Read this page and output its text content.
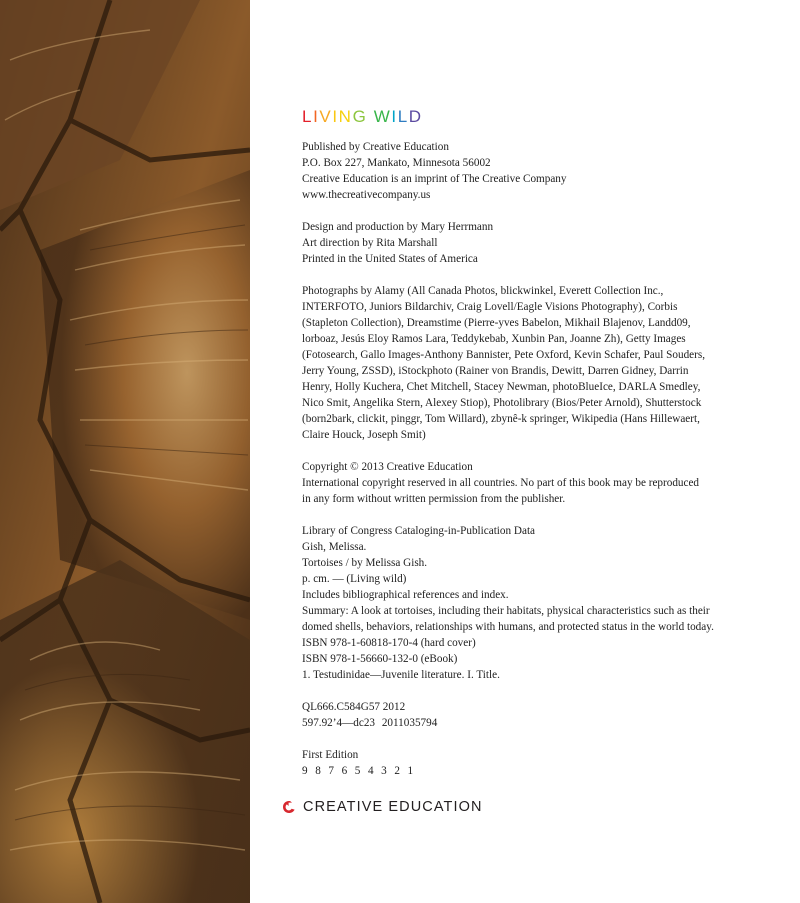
LIVING WILD
Published by Creative Education
P.O. Box 227, Mankato, Minnesota 56002
Creative Education is an imprint of The Creative Company
www.thecreativecompany.us
Design and production by Mary Herrmann
Art direction by Rita Marshall
Printed in the United States of America
Photographs by Alamy (All Canada Photos, blickwinkel, Everett Collection Inc.,
INTERFOTO, Juniors Bildarchiv, Craig Lovell/Eagle Visions Photography), Corbis
(Stapleton Collection), Dreamstime (Pierre-yves Babelon, Mikhail Blajenov, Landd09,
lorboaz, Jesús Eloy Ramos Lara, Teddykebab, Xunbin Pan, Joanne Zh), Getty Images
(Fotosearch, Gallo Images-Anthony Bannister, Pete Oxford, Kevin Schafer, Paul Souders,
Jerry Young, ZSSD), iStockphoto (Rainer von Brandis, Dewitt, Darren Gidney, Darrin
Henry, Holly Kuchera, Chet Mitchell, Stacey Newman, photoBlueIce, DARLA Smedley,
Nico Smit, Angelika Stern, Alexey Stiop), Photolibrary (Bios/Peter Arnold), Shutterstock
(born2bark, clickit, pinggr, Tom Willard), zbynê-k springer, Wikipedia (Hans Hillewaert,
Claire Houck, Joseph Smit)
Copyright © 2013 Creative Education
International copyright reserved in all countries. No part of this book may be reproduced
in any form without written permission from the publisher.
Library of Congress Cataloging-in-Publication Data
Gish, Melissa.
Tortoises / by Melissa Gish.
p. cm. — (Living wild)
Includes bibliographical references and index.
Summary: A look at tortoises, including their habitats, physical characteristics such as their
domed shells, behaviors, relationships with humans, and protected status in the world today.
ISBN 978-1-60818-170-4 (hard cover)
ISBN 978-1-56660-132-0 (eBook)
1. Testudinidae—Juvenile literature. I. Title.
QL666.C584G57 2012
597.92’4—dc23 2011035794
First Edition
9 8 7 6 5 4 3 2 1
CREATIVE EDUCATION
